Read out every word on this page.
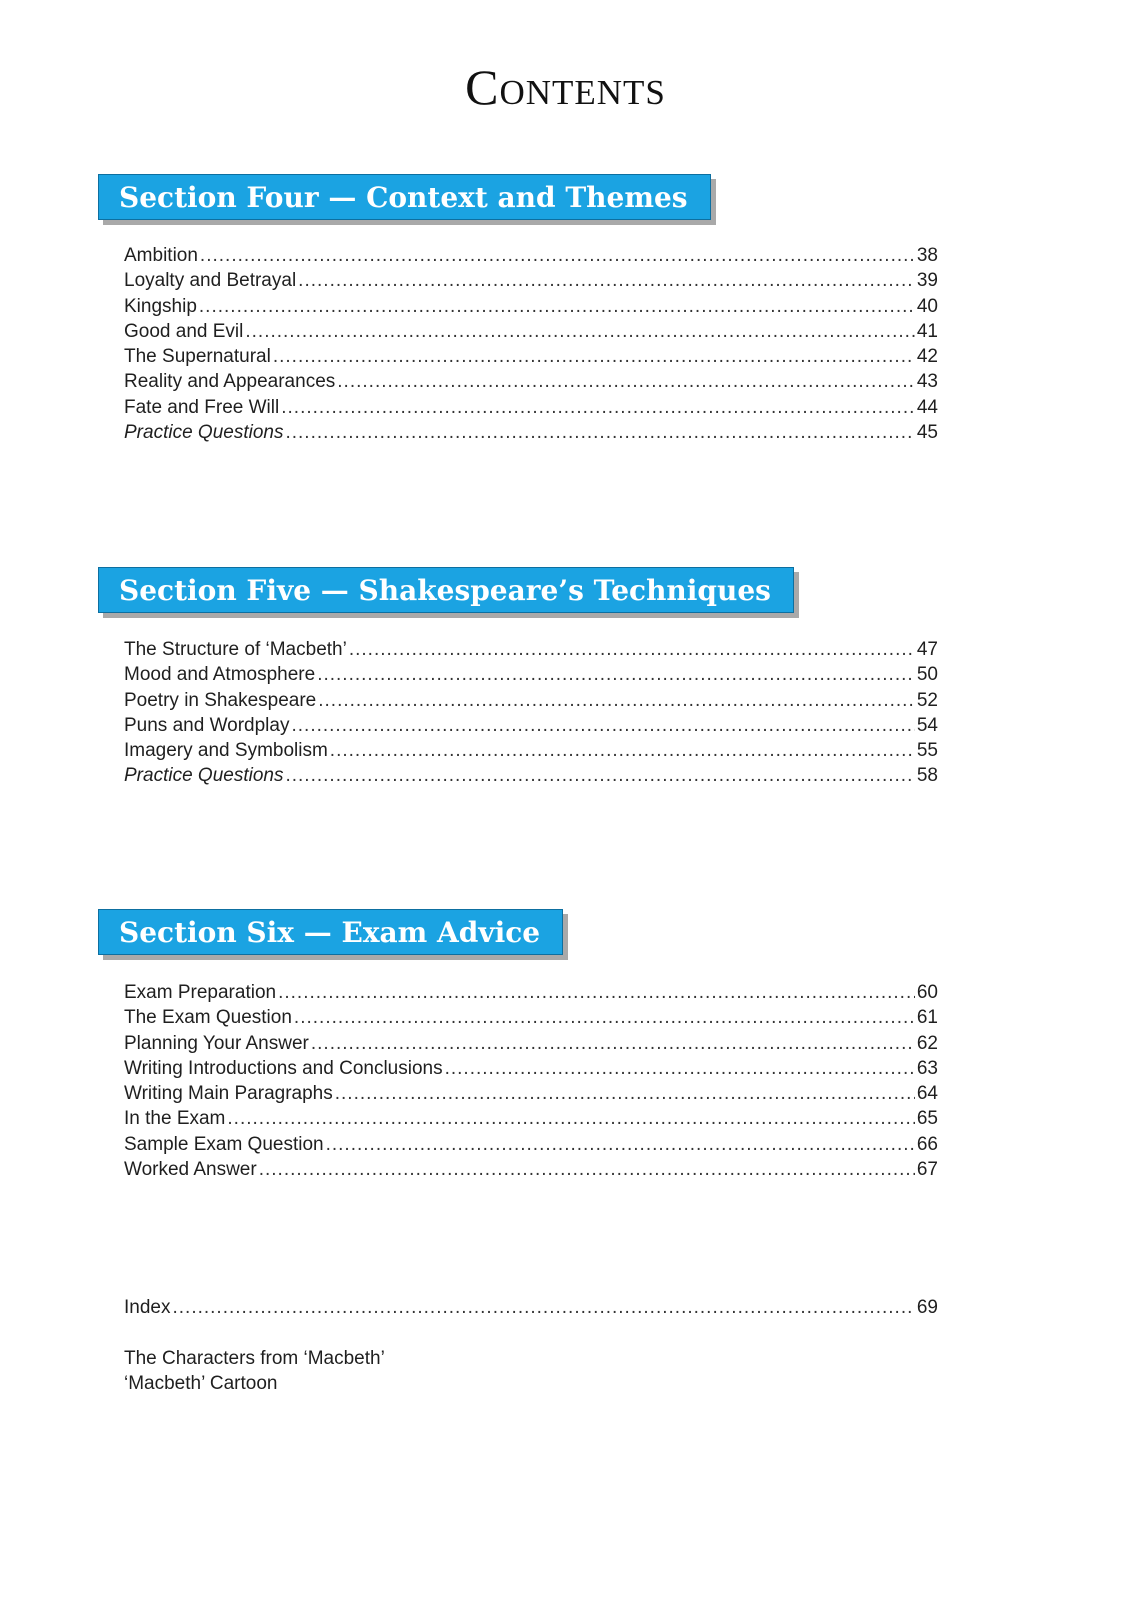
Contents
Section Four — Context and Themes
Ambition .....	38
Loyalty and Betrayal .....	39
Kingship .....	40
Good and Evil .....	41
The Supernatural .....	42
Reality and Appearances .....	43
Fate and Free Will .....	44
Practice Questions .....	45
Section Five — Shakespeare’s Techniques
The Structure of ‘Macbeth’ .....	47
Mood and Atmosphere .....	50
Poetry in Shakespeare .....	52
Puns and Wordplay .....	54
Imagery and Symbolism .....	55
Practice Questions .....	58
Section Six — Exam Advice
Exam Preparation .....	60
The Exam Question .....	61
Planning Your Answer .....	62
Writing Introductions and Conclusions .....	63
Writing Main Paragraphs .....	64
In the Exam .....	65
Sample Exam Question .....	66
Worked Answer .....	67
Index .....	69
The Characters from ‘Macbeth’
‘Macbeth’ Cartoon
